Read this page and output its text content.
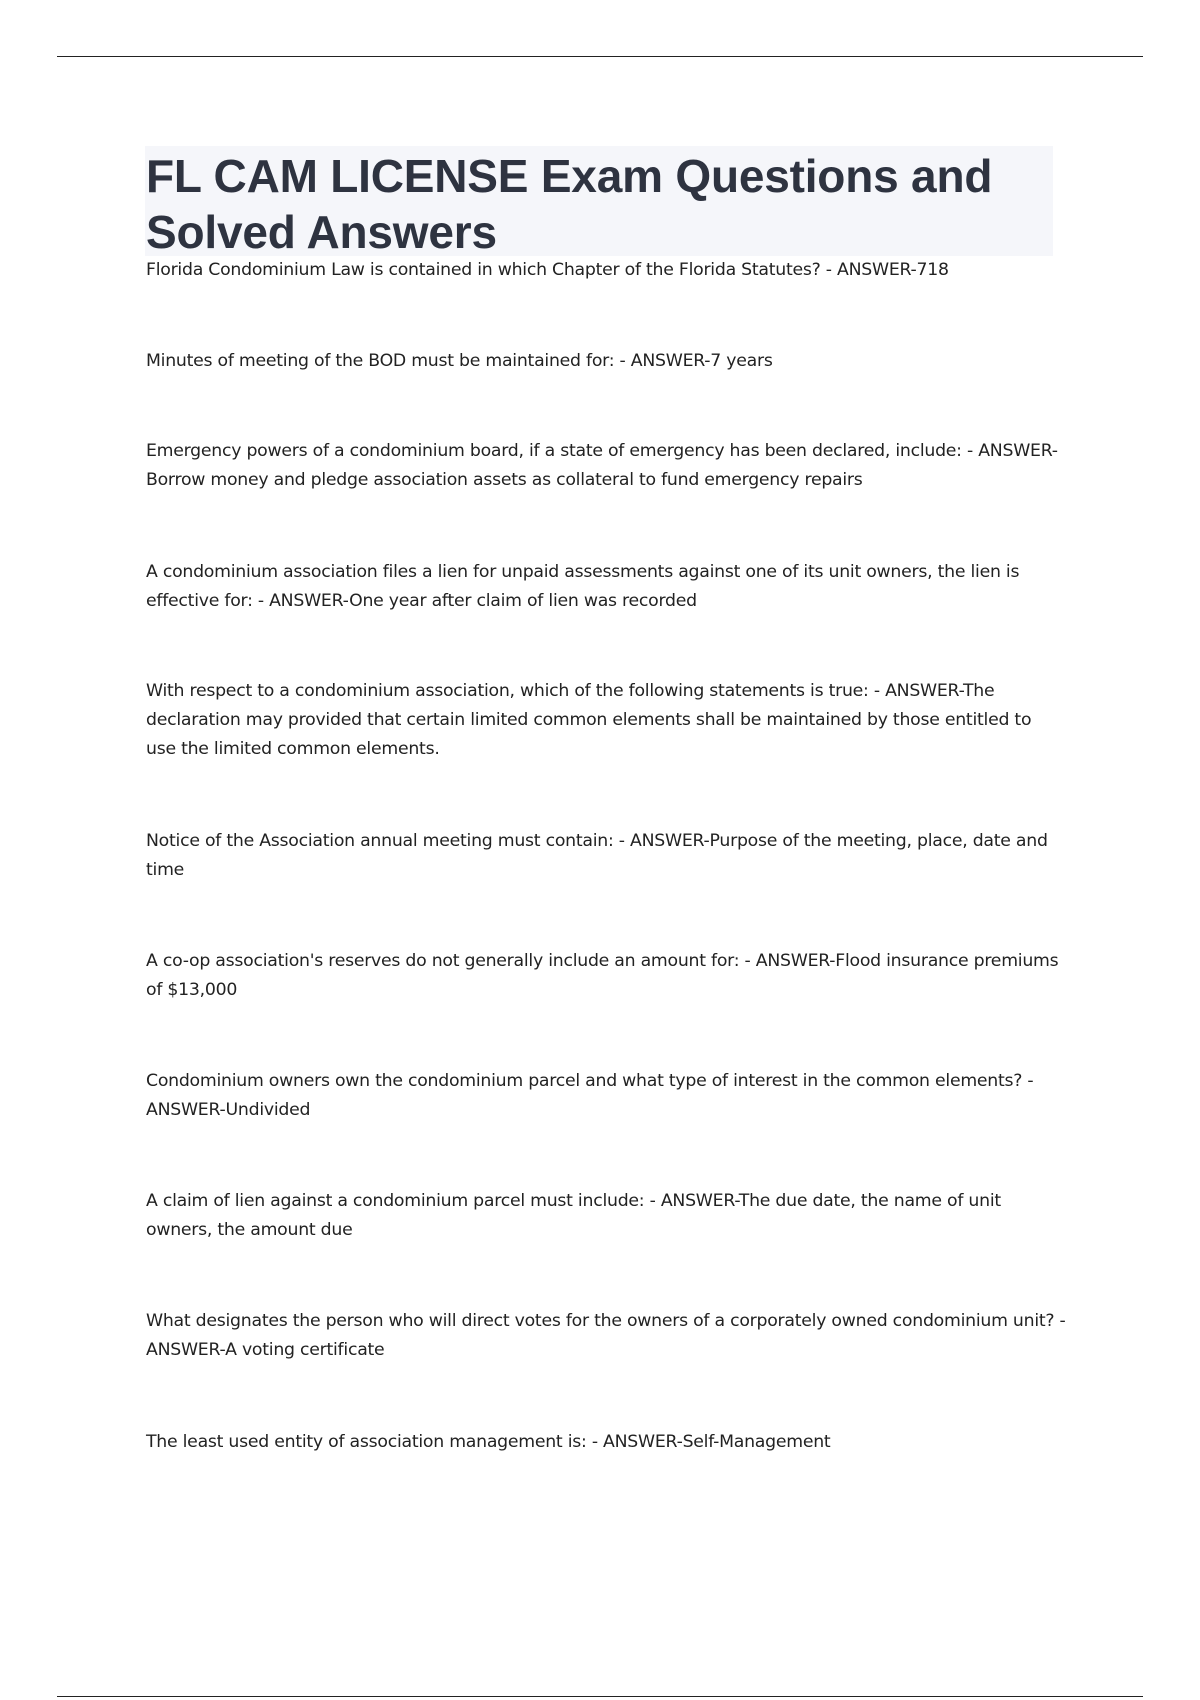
FL CAM LICENSE Exam Questions and Solved Answers

Florida Condominium Law is contained in which Chapter of the Florida Statutes? - ANSWER-718

Minutes of meeting of the BOD must be maintained for: - ANSWER-7 years

Emergency powers of a condominium board, if a state of emergency has been declared, include: - ANSWER-Borrow money and pledge association assets as collateral to fund emergency repairs

A condominium association files a lien for unpaid assessments against one of its unit owners, the lien is effective for: - ANSWER-One year after claim of lien was recorded

With respect to a condominium association, which of the following statements is true: - ANSWER-The declaration may provided that certain limited common elements shall be maintained by those entitled to use the limited common elements.

Notice of the Association annual meeting must contain: - ANSWER-Purpose of the meeting, place, date and time

A co-op association's reserves do not generally include an amount for: - ANSWER-Flood insurance premiums of $13,000

Condominium owners own the condominium parcel and what type of interest in the common elements? - ANSWER-Undivided

A claim of lien against a condominium parcel must include: - ANSWER-The due date, the name of unit owners, the amount due

What designates the person who will direct votes for the owners of a corporately owned condominium unit? - ANSWER-A voting certificate

The least used entity of association management is: - ANSWER-Self-Management
